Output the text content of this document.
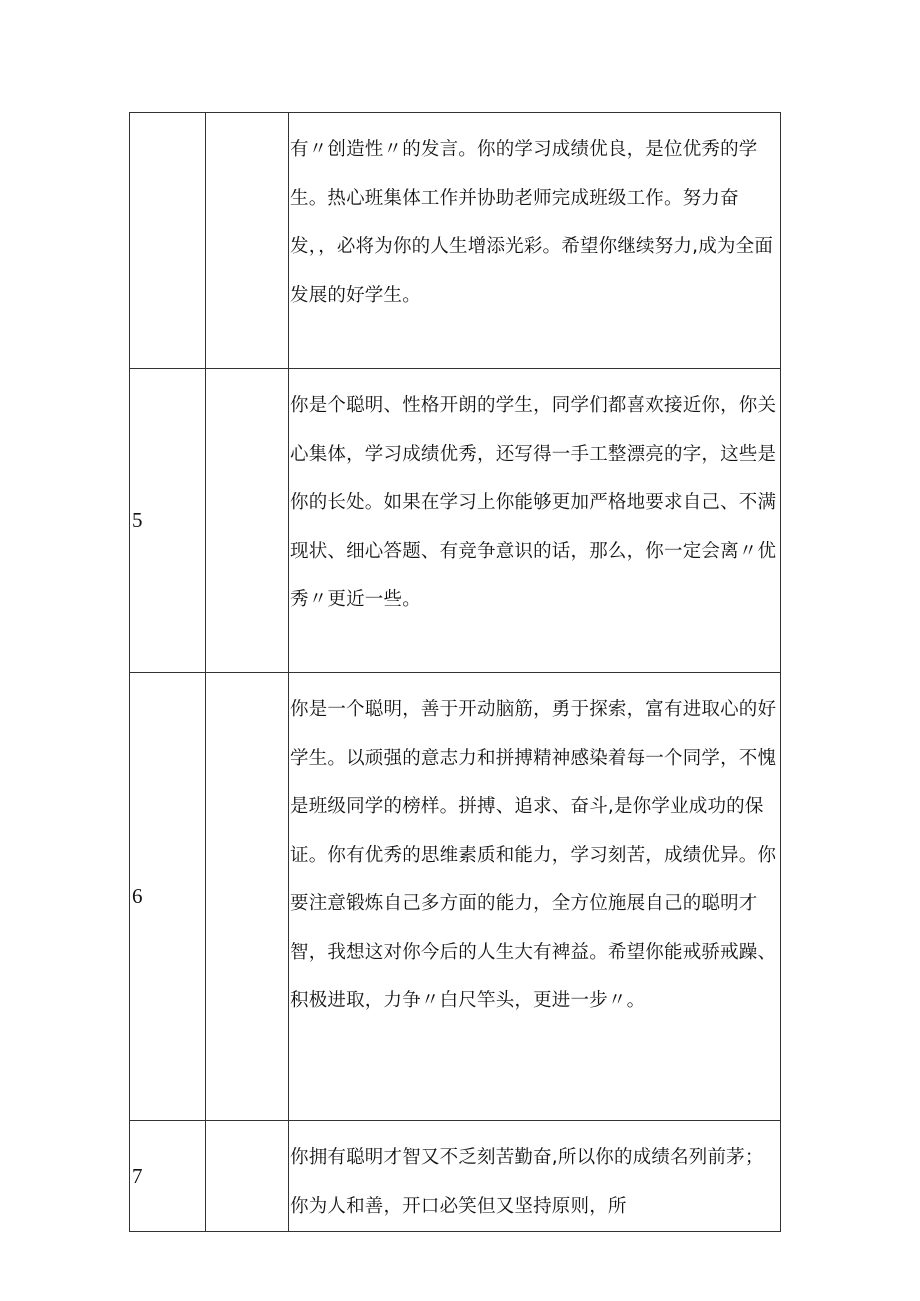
		有〃创造性〃的发言。你的学习成绩优良，是位优秀的学生。热心班集体工作并协助老师完成班级工作。努力奋发，，必将为你的人生增添光彩。希望你继续努力,成为全面发展的好学生。

5		你是个聪明、性格开朗的学生，同学们都喜欢接近你，你关心集体，学习成绩优秀，还写得一手工整漂亮的字，这些是你的长处。如果在学习上你能够更加严格地要求自己、不满现状、细心答题、有竞争意识的话，那么，你一定会离〃优秀〃更近一些。

6		你是一个聪明，善于开动脑筋，勇于探索，富有进取心的好学生。以顽强的意志力和拼搏精神感染着每一个同学，不愧是班级同学的榜样。拼搏、追求、奋斗,是你学业成功的保证。你有优秀的思维素质和能力，学习刻苦，成绩优异。你要注意锻炼自己多方面的能力，全方位施展自己的聪明才智，我想这对你今后的人生大有裨益。希望你能戒骄戒躁、积极进取，力争〃白尺竿头，更进一步〃。

7		你拥有聪明才智又不乏刻苦勤奋,所以你的成绩名列前茅；你为人和善，开口必笑但又坚持原则，所
